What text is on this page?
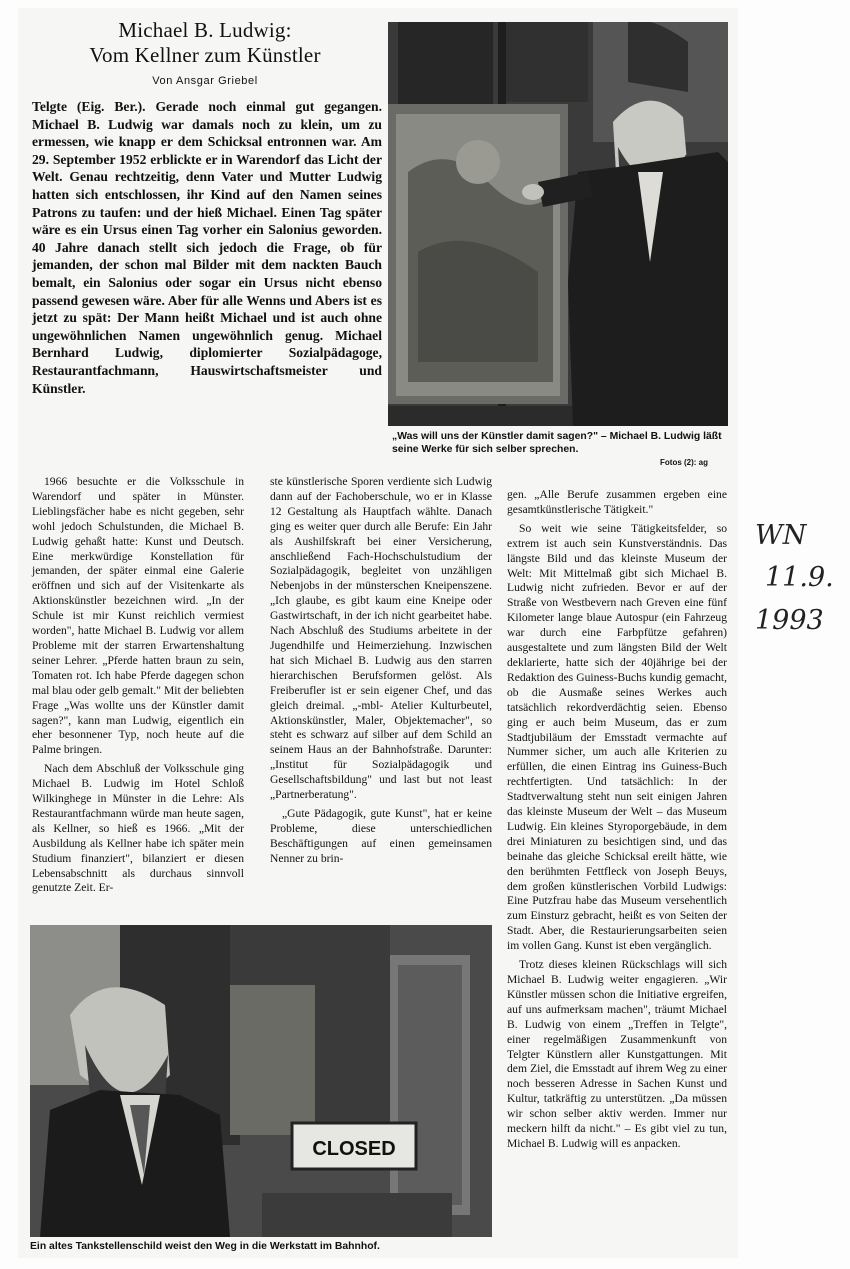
Michael B. Ludwig:
Vom Kellner zum Künstler
Von Ansgar Griebel

Telgte (Eig. Ber.). Gerade noch einmal gut gegangen. Michael B. Ludwig war damals noch zu klein, um zu ermessen, wie knapp er dem Schicksal entronnen war. Am 29. September 1952 erblickte er in Warendorf das Licht der Welt. Genau rechtzeitig, denn Vater und Mutter Ludwig hatten sich entschlossen, ihr Kind auf den Namen seines Patrons zu taufen: und der hieß Michael. Einen Tag später wäre es ein Ursus einen Tag vorher ein Salonius geworden. 40 Jahre danach stellt sich jedoch die Frage, ob für jemanden, der schon mal Bilder mit dem nackten Bauch bemalt, ein Salonius oder sogar ein Ursus nicht ebenso passend gewesen wäre. Aber für alle Wenns und Abers ist es jetzt zu spät: Der Mann heißt Michael und ist auch ohne ungewöhnlichen Namen ungewöhnlich genug. Michael Bernhard Ludwig, diplomierter Sozialpädagoge, Restaurantfachmann, Hauswirtschaftsmeister und Künstler.

„Was will uns der Künstler damit sagen?" – Michael B. Ludwig läßt seine Werke für sich selber sprechen.
Fotos (2): ag

1966 besuchte er die Volksschule in Warendorf und später in Münster. Lieblingsfächer habe es nicht gegeben, sehr wohl jedoch Schulstunden, die Michael B. Ludwig gehaßt hatte: Kunst und Deutsch. Eine merkwürdige Konstellation für jemanden, der später einmal eine Galerie eröffnen und sich auf der Visitenkarte als Aktionskünstler bezeichnen wird. „In der Schule ist mir Kunst reichlich vermiest worden", hatte Michael B. Ludwig vor allem Probleme mit der starren Erwartenshaltung seiner Lehrer. „Pferde hatten braun zu sein, Tomaten rot. Ich habe Pferde dagegen schon mal blau oder gelb gemalt." Mit der beliebten Frage „Was wollte uns der Künstler damit sagen?", kann man Ludwig, eigentlich ein eher besonnener Typ, noch heute auf die Palme bringen.

Nach dem Abschluß der Volksschule ging Michael B. Ludwig im Hotel Schloß Wilkinghege in Münster in die Lehre: Als Restaurantfachmann würde man heute sagen, als Kellner, so hieß es 1966. „Mit der Ausbildung als Kellner habe ich später mein Studium finanziert", bilanziert er diesen Lebensabschnitt als durchaus sinnvoll genutzte Zeit. Er-

ste künstlerische Sporen verdiente sich Ludwig dann auf der Fachoberschule, wo er in Klasse 12 Gestaltung als Hauptfach wählte. Danach ging es weiter quer durch alle Berufe: Ein Jahr als Aushilfskraft bei einer Versicherung, anschließend Fach-Hochschulstudium der Sozialpädagogik, begleitet von unzähligen Nebenjobs in der münsterschen Kneipenszene. „Ich glaube, es gibt kaum eine Kneipe oder Gastwirtschaft, in der ich nicht gearbeitet habe. Nach Abschluß des Studiums arbeitete in der Jugendhilfe und Heimerziehung. Inzwischen hat sich Michael B. Ludwig aus den starren hierarchischen Berufsformen gelöst. Als Freiberufler ist er sein eigener Chef, und das gleich dreimal. „-mbl- Atelier Kulturbeutel, Aktionskünstler, Maler, Objektemacher", so steht es schwarz auf silber auf dem Schild an seinem Haus an der Bahnhofstraße. Darunter: „Institut für Sozialpädagogik und Gesellschaftsbildung" und last but not least „Partnerberatung".

„Gute Pädagogik, gute Kunst", hat er keine Probleme, diese unterschiedlichen Beschäftigungen auf einen gemeinsamen Nenner zu brin-

gen. „Alle Berufe zusammen ergeben eine gesamtkünstlerische Tätigkeit."

So weit wie seine Tätigkeitsfelder, so extrem ist auch sein Kunstverständnis. Das längste Bild und das kleinste Museum der Welt: Mit Mittelmaß gibt sich Michael B. Ludwig nicht zufrieden. Bevor er auf der Straße von Westbevern nach Greven eine fünf Kilometer lange blaue Autospur (ein Fahrzeug war durch eine Farbpfütze gefahren) ausgestaltete und zum längsten Bild der Welt deklarierte, hatte sich der 40jährige bei der Redaktion des Guiness-Buchs kundig gemacht, ob die Ausmaße seines Werkes auch tatsächlich rekordverdächtig seien. Ebenso ging er auch beim Museum, das er zum Stadtjubiläum der Emsstadt vermachte auf Nummer sicher, um auch alle Kriterien zu erfüllen, die einen Eintrag ins Guiness-Buch rechtfertigten. Und tatsächlich: In der Stadtverwaltung steht nun seit einigen Jahren das kleinste Museum der Welt – das Museum Ludwig. Ein kleines Styroporgebäude, in dem drei Miniaturen zu besichtigen sind, und das beinahe das gleiche Schicksal ereilt hätte, wie den berühmten Fettfleck von Joseph Beuys, dem großen künstlerischen Vorbild Ludwigs: Eine Putzfrau habe das Museum versehentlich zum Einsturz gebracht, heißt es von Seiten der Stadt. Aber, die Restaurierungsarbeiten seien im vollen Gang. Kunst ist eben vergänglich.

Trotz dieses kleinen Rückschlags will sich Michael B. Ludwig weiter engagieren. „Wir Künstler müssen schon die Initiative ergreifen, auf uns aufmerksam machen", träumt Michael B. Ludwig von einem „Treffen in Telgte", einer regelmäßigen Zusammenkunft von Telgter Künstlern aller Kunstgattungen. Mit dem Ziel, die Emsstadt auf ihrem Weg zu einer noch besseren Adresse in Sachen Kunst und Kultur, tatkräftig zu unterstützen. „Da müssen wir schon selber aktiv werden. Immer nur meckern hilft da nicht." – Es gibt viel zu tun, Michael B. Ludwig will es anpacken.

CLOSED
Ein altes Tankstellenschild weist den Weg in die Werkstatt im Bahnhof.
WN
11.9.
1993
